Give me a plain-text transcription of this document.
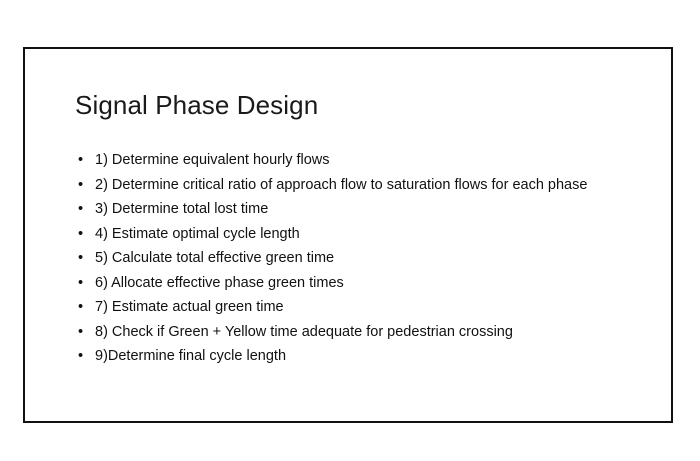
Signal Phase Design
• 1) Determine equivalent hourly flows
• 2) Determine critical ratio of approach flow to saturation flows for each phase
• 3) Determine total lost time
• 4) Estimate optimal cycle length
• 5) Calculate total effective green time
• 6) Allocate effective phase green times
• 7) Estimate actual green time
• 8) Check if Green + Yellow time adequate for pedestrian crossing
• 9)Determine final cycle length
